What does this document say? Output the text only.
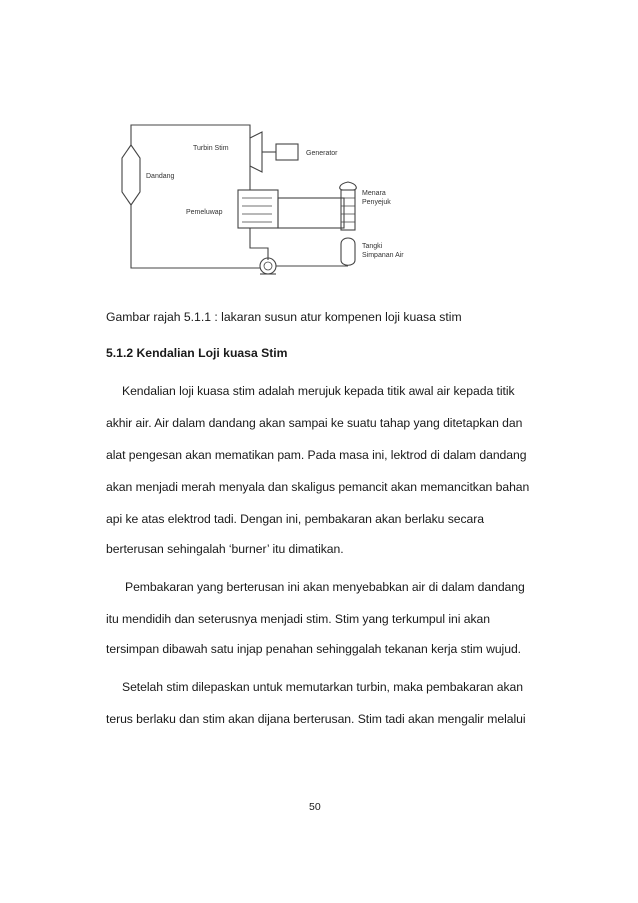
Turbin Stim
Generator
Dandang
Pemeluwap
Menara
Penyejuk
Tangki
Simpanan Air
Gambar rajah 5.1.1 : lakaran susun atur kompenen loji kuasa stim
5.1.2 Kendalian Loji kuasa Stim
Kendalian loji kuasa stim adalah merujuk kepada titik awal air kepada titik
akhir air. Air dalam dandang akan sampai ke suatu tahap yang ditetapkan dan
alat pengesan akan mematikan pam. Pada masa ini, lektrod di dalam dandang
akan menjadi merah menyala dan skaligus pemancit akan memancitkan bahan
api ke atas elektrod tadi. Dengan ini, pembakaran akan berlaku secara
berterusan sehingalah ‘burner’ itu dimatikan.
Pembakaran yang berterusan ini akan menyebabkan air di dalam dandang
itu mendidih dan seterusnya menjadi stim. Stim yang terkumpul ini akan
tersimpan dibawah satu injap penahan sehinggalah tekanan kerja stim wujud.
Setelah stim dilepaskan untuk memutarkan turbin, maka pembakaran akan
terus berlaku dan stim akan dijana berterusan. Stim tadi akan mengalir melalui
50
